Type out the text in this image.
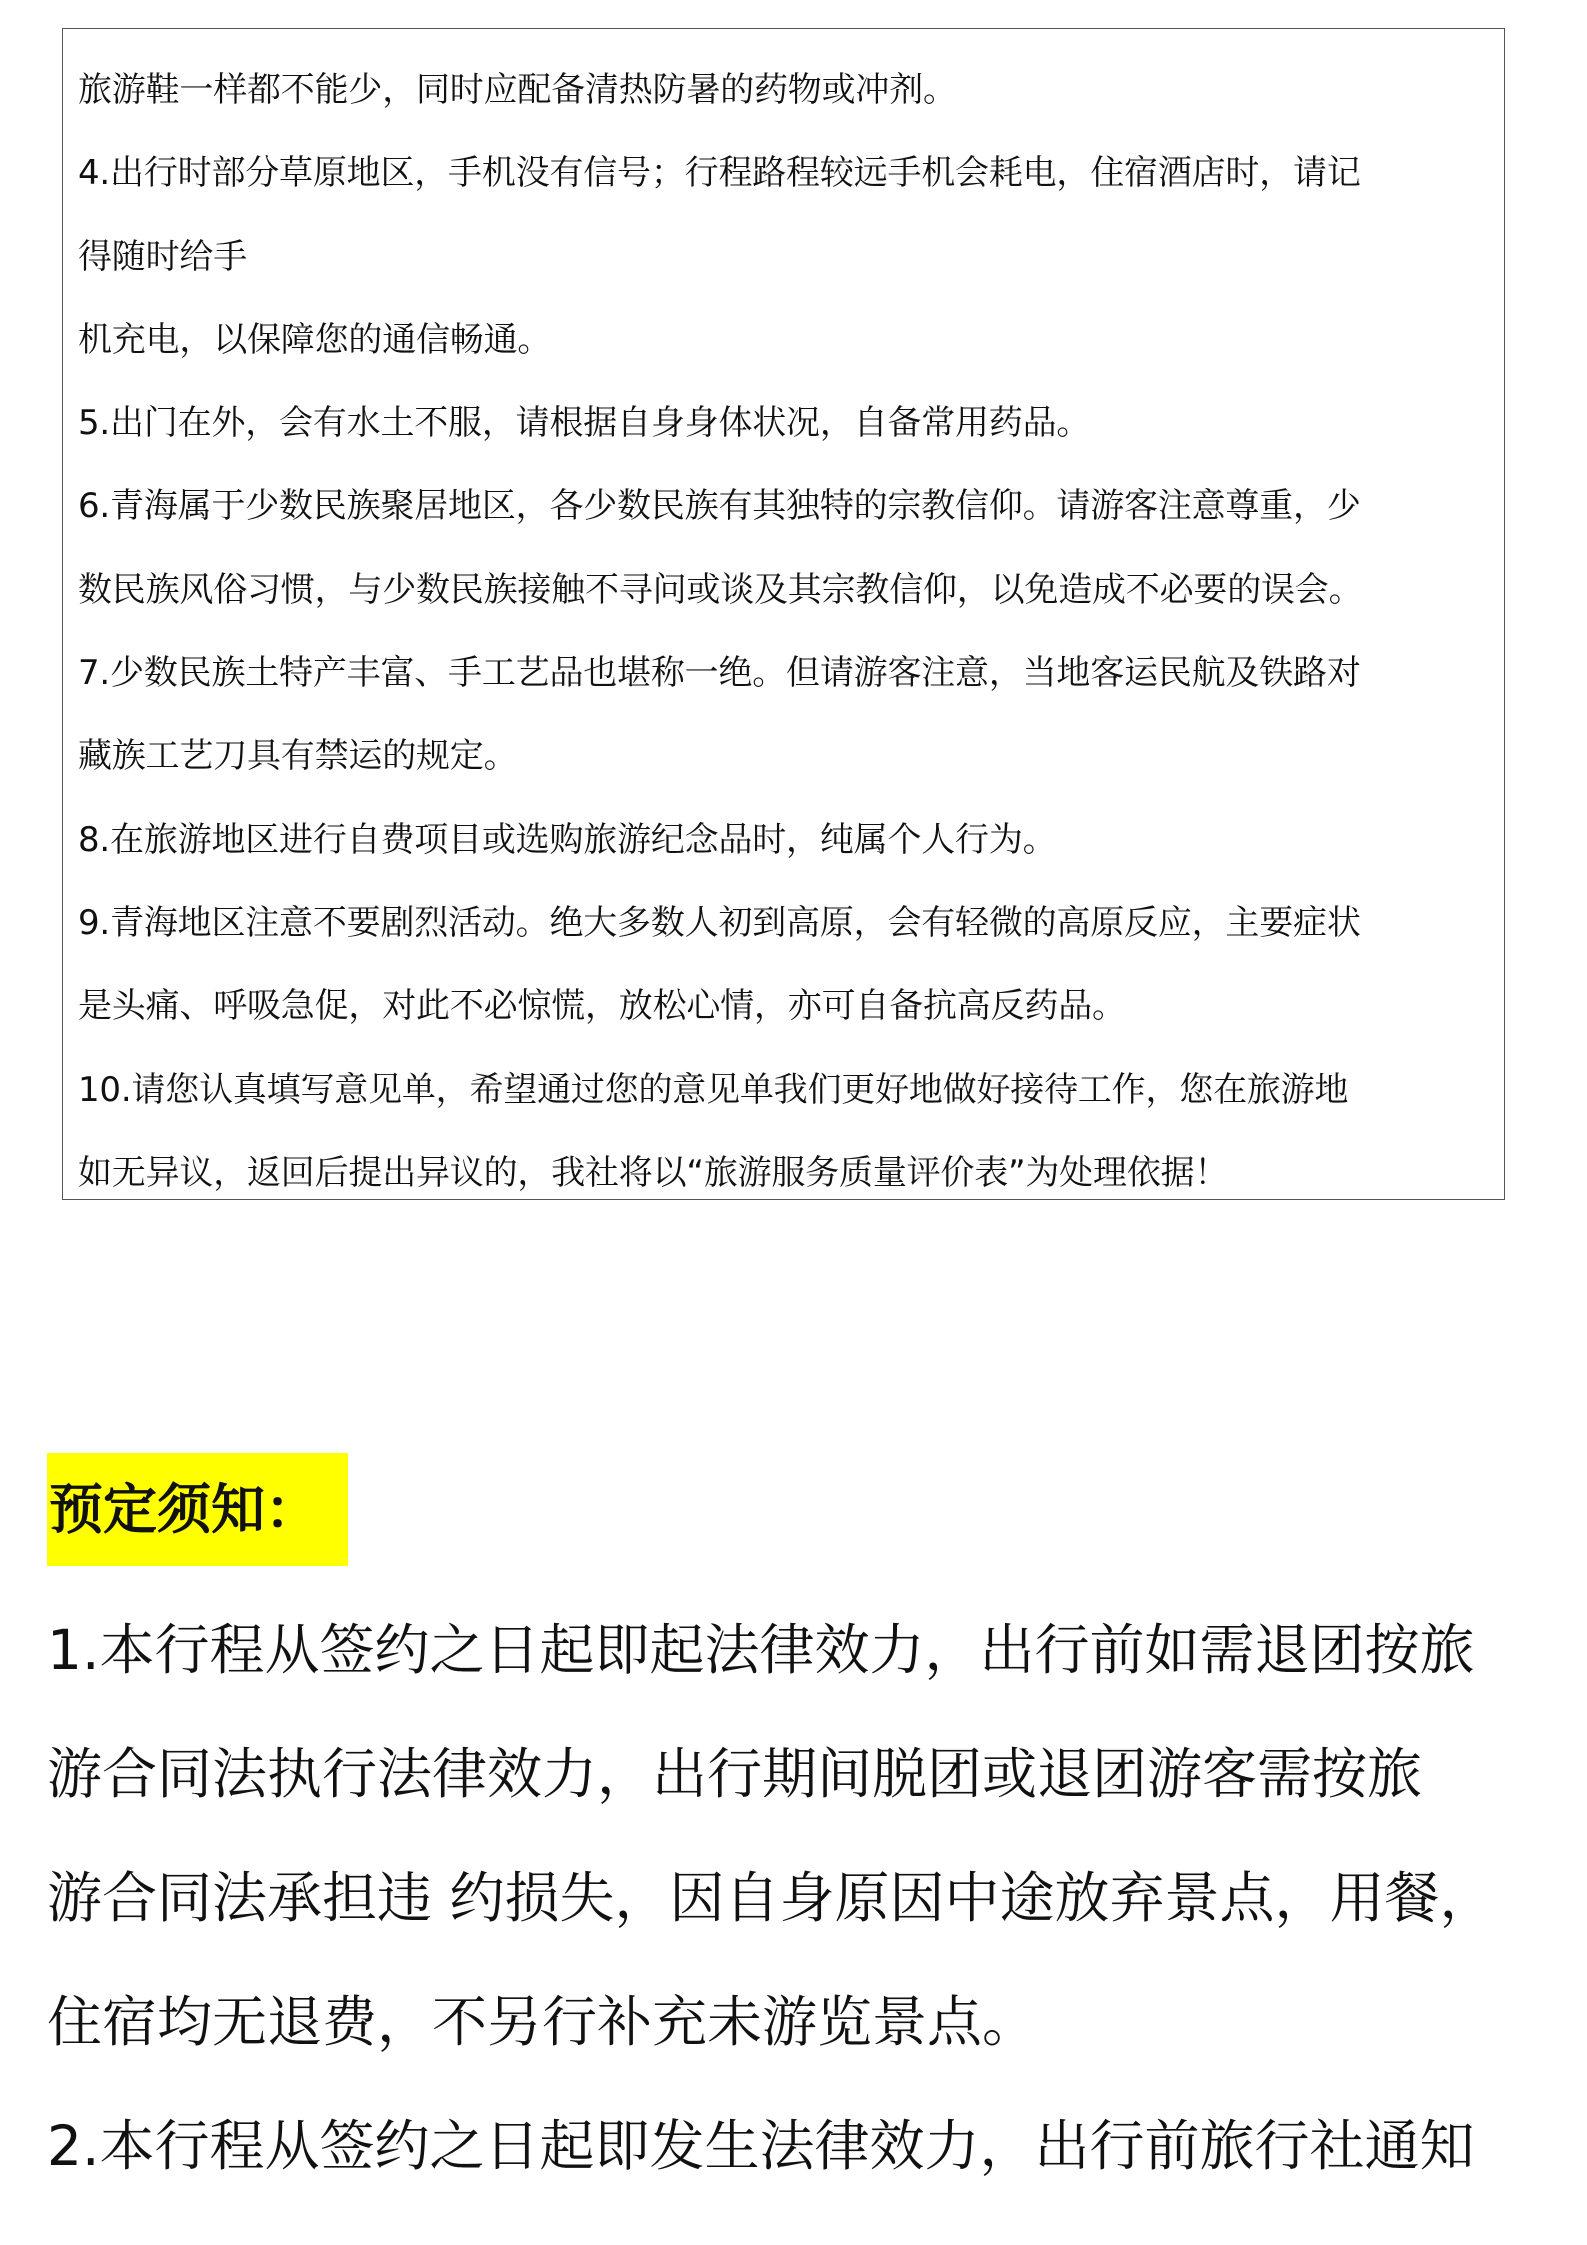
旅游鞋一样都不能少，同时应配备清热防暑的药物或冲剂。
4.出行时部分草原地区，手机没有信号；行程路程较远手机会耗电，住宿酒店时，请记
得随时给手
机充电，以保障您的通信畅通。
5.出门在外，会有水土不服，请根据自身身体状况，自备常用药品。
6.青海属于少数民族聚居地区，各少数民族有其独特的宗教信仰。请游客注意尊重，少
数民族风俗习惯，与少数民族接触不寻问或谈及其宗教信仰，以免造成不必要的误会。
7.少数民族土特产丰富、手工艺品也堪称一绝。但请游客注意，当地客运民航及铁路对
藏族工艺刀具有禁运的规定。
8.在旅游地区进行自费项目或选购旅游纪念品时，纯属个人行为。
9.青海地区注意不要剧烈活动。绝大多数人初到高原，会有轻微的高原反应，主要症状
是头痛、呼吸急促，对此不必惊慌，放松心情，亦可自备抗高反药品。
10.请您认真填写意见单，希望通过您的意见单我们更好地做好接待工作，您在旅游地
如无异议，返回后提出异议的，我社将以“旅游服务质量评价表”为处理依据！
预定须知：
1.本行程从签约之日起即起法律效力，出行前如需退团按旅
游合同法执行法律效力，出行期间脱团或退团游客需按旅
游合同法承担违 约损失，因自身原因中途放弃景点，用餐，
住宿均无退费，不另行补充未游览景点。
2.本行程从签约之日起即发生法律效力，出行前旅行社通知
